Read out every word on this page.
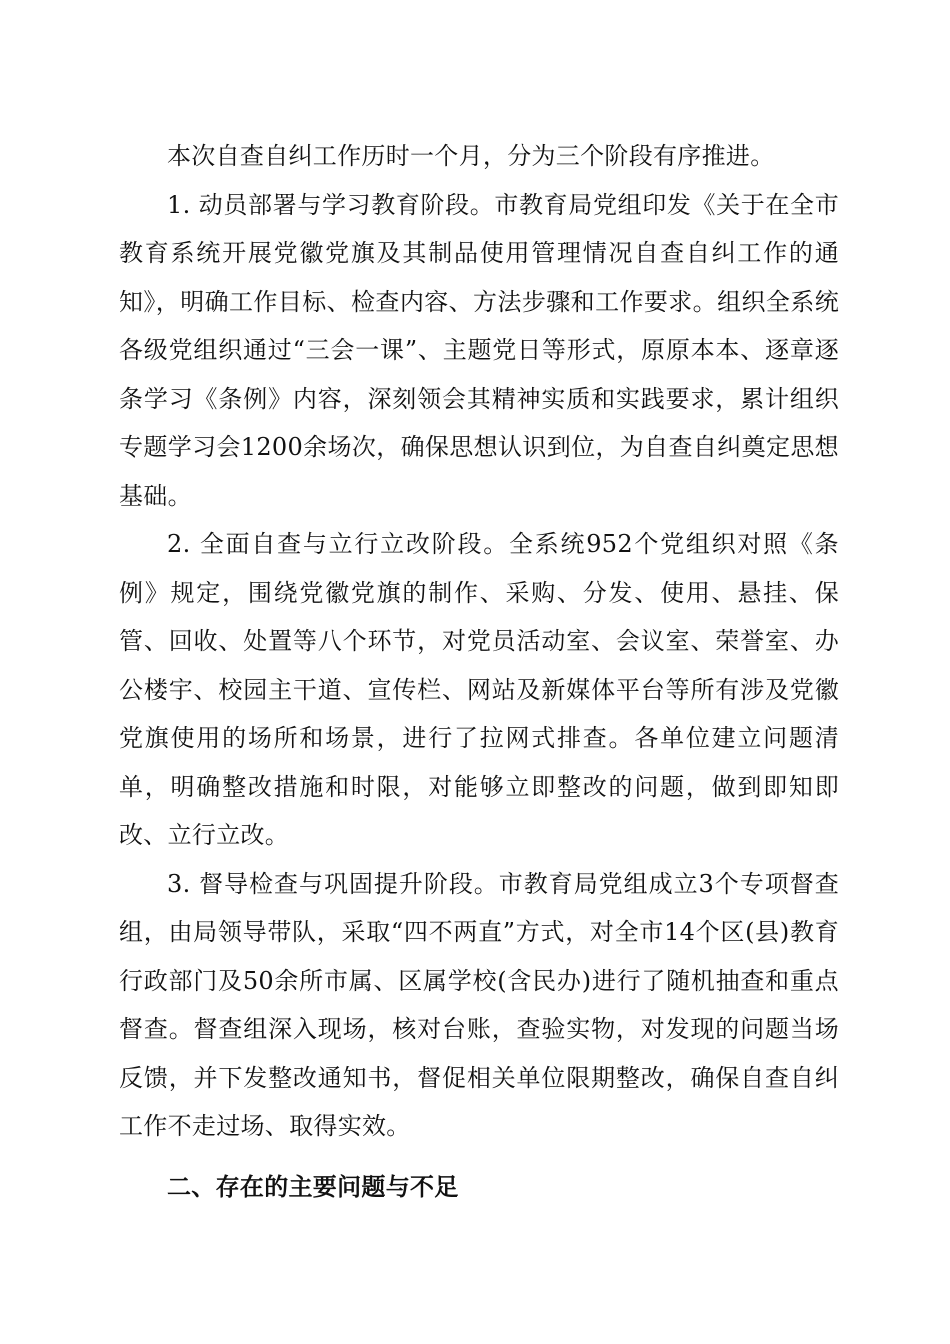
本次自查自纠工作历时一个月，分为三个阶段有序推进。

1. 动员部署与学习教育阶段。市教育局党组印发《关于在全市教育系统开展党徽党旗及其制品使用管理情况自查自纠工作的通知》，明确工作目标、检查内容、方法步骤和工作要求。组织全系统各级党组织通过“三会一课”、主题党日等形式，原原本本、逐章逐条学习《条例》内容，深刻领会其精神实质和实践要求，累计组织专题学习会1200余场次，确保思想认识到位，为自查自纠奠定思想基础。

2. 全面自查与立行立改阶段。全系统952个党组织对照《条例》规定，围绕党徽党旗的制作、采购、分发、使用、悬挂、保管、回收、处置等八个环节，对党员活动室、会议室、荣誉室、办公楼宇、校园主干道、宣传栏、网站及新媒体平台等所有涉及党徽党旗使用的场所和场景，进行了拉网式排查。各单位建立问题清单，明确整改措施和时限，对能够立即整改的问题，做到即知即改、立行立改。

3. 督导检查与巩固提升阶段。市教育局党组成立3个专项督查组，由局领导带队，采取“四不两直”方式，对全市14个区(县)教育行政部门及50余所市属、区属学校(含民办)进行了随机抽查和重点督查。督查组深入现场，核对台账，查验实物，对发现的问题当场反馈，并下发整改通知书，督促相关单位限期整改，确保自查自纠工作不走过场、取得实效。

二、存在的主要问题与不足
